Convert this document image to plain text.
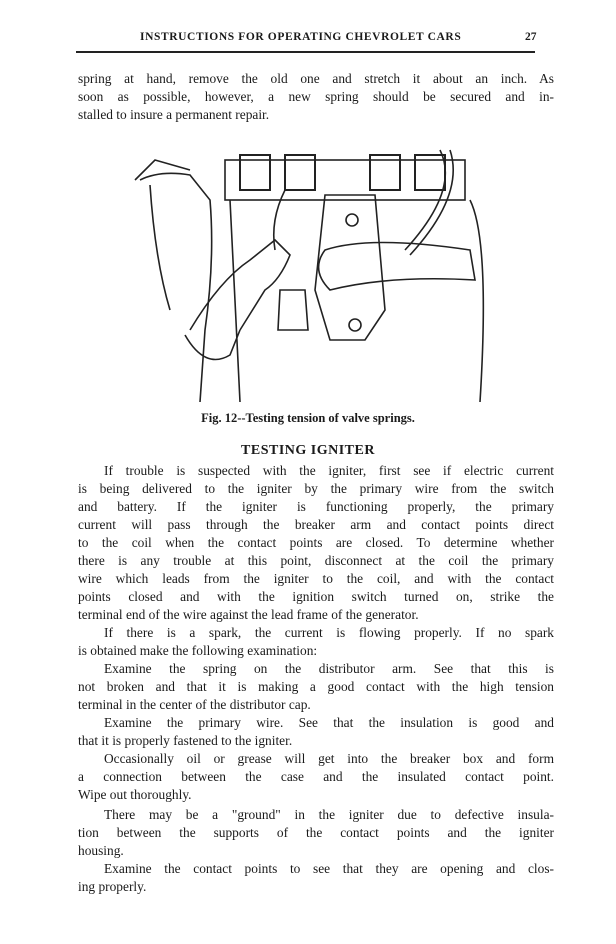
INSTRUCTIONS FOR OPERATING CHEVROLET CARS	27
spring at hand, remove the old one and stretch it about an inch. As
soon as possible, however, a new spring should be secured and in-
stalled to insure a permanent repair.
Fig. 12--Testing tension of valve springs.
TESTING IGNITER
If trouble is suspected with the igniter, first see if electric current
is being delivered to the igniter by the primary wire from the switch
and battery. If the igniter is functioning properly, the primary
current will pass through the breaker arm and contact points direct
to the coil when the contact points are closed. To determine whether
there is any trouble at this point, disconnect at the coil the primary
wire which leads from the igniter to the coil, and with the contact
points closed and with the ignition switch turned on, strike the
terminal end of the wire against the lead frame of the generator.
If there is a spark, the current is flowing properly. If no spark
is obtained make the following examination:
Examine the spring on the distributor arm. See that this is
not broken and that it is making a good contact with the high tension
terminal in the center of the distributor cap.
Examine the primary wire. See that the insulation is good and
that it is properly fastened to the igniter.
Occasionally oil or grease will get into the breaker box and form
a connection between the case and the insulated contact point.
Wipe out thoroughly.
There may be a "ground" in the igniter due to defective insula-
tion between the supports of the contact points and the igniter
housing.
Examine the contact points to see that they are opening and clos-
ing properly.
